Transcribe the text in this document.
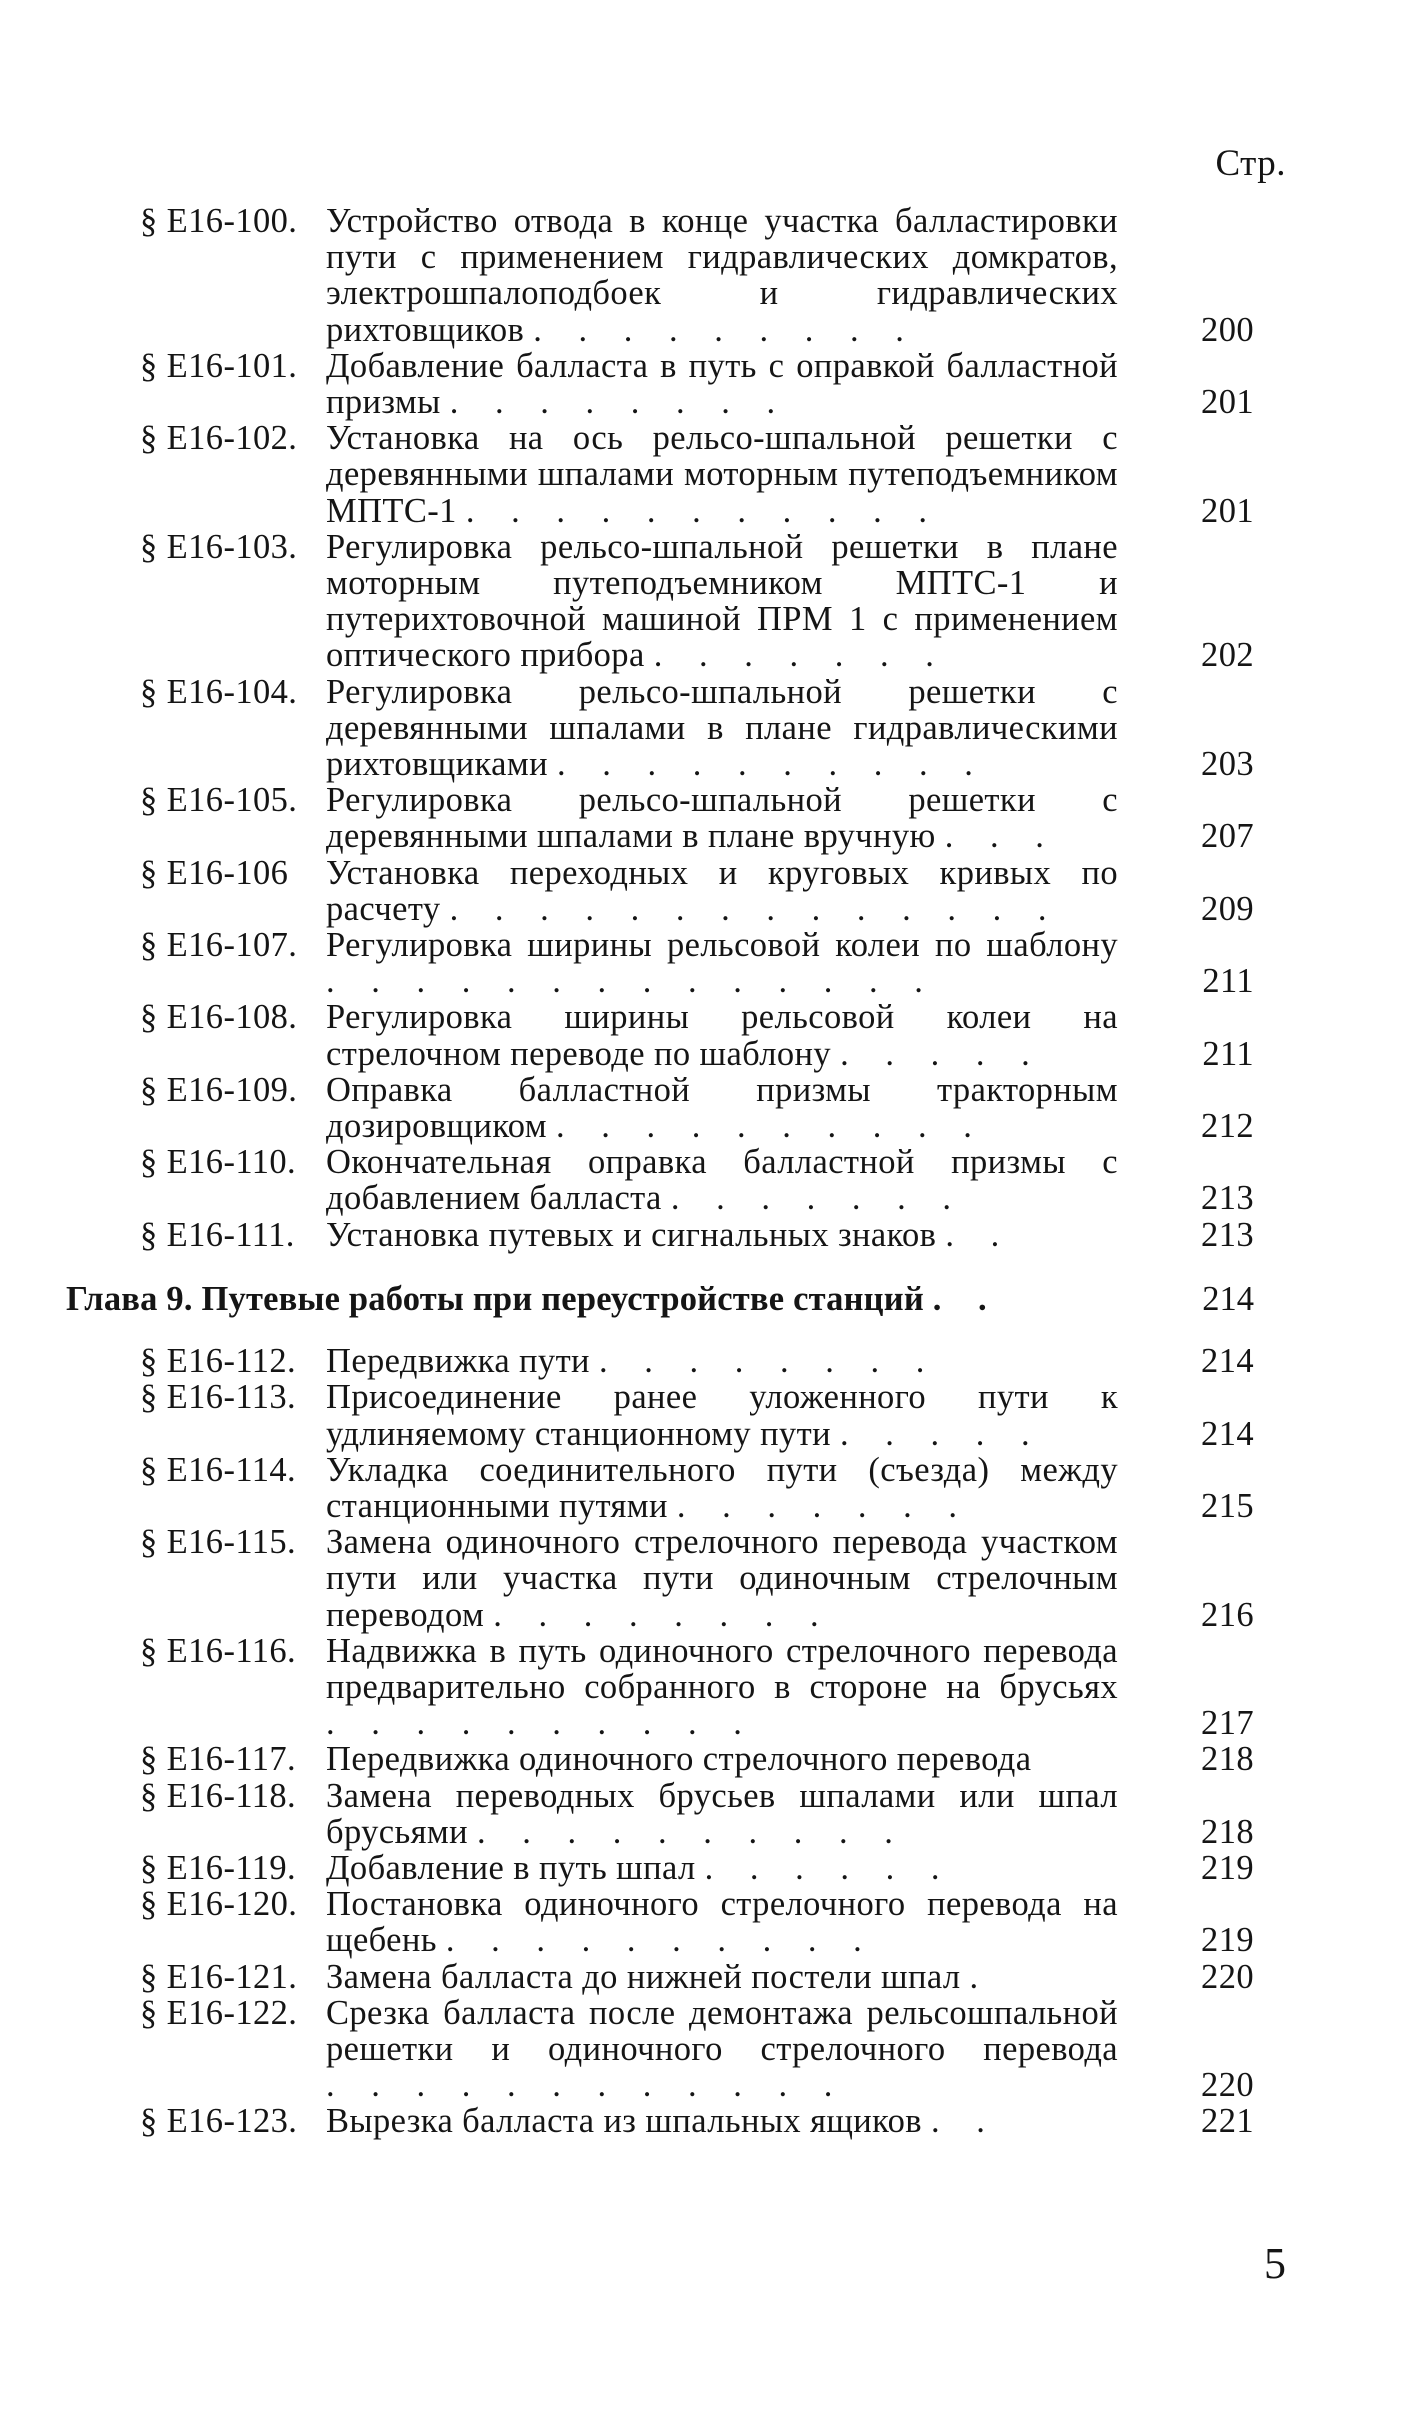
Стр.
§ Е16-100. Устройство отвода в конце участка балластировки пути с применением гидравлических домкратов, электрошпалоподбоек и гидравлических рихтовщиков . . . . . . . . .	200
§ Е16-101. Добавление балласта в путь с оправкой балластной призмы . . . . . . . .	201
§ Е16-102. Установка на ось рельсо-шпальной решетки с деревянными шпалами моторным путеподъемником МПТС-1 . . . . . . . . . . .	201
§ Е16-103. Регулировка рельсо-шпальной решетки в плане моторным путеподъемником МПТС-1 и путерихтовочной машиной ПРМ 1 с применением оптического прибора . . . . . . .	202
§ Е16-104. Регулировка рельсо-шпальной решетки с деревянными шпалами в плане гидравлическими рихтовщиками . . . . . . . . . .	203
§ Е16-105. Регулировка рельсо-шпальной решетки с деревянными шпалами в плане вручную . . .	207
§ Е16-106	Установка переходных и круговых кривых по расчету . . . . . . . . . . . . . .	209
§ Е16-107. Регулировка ширины рельсовой колеи по шаблону . . . . . . . . . . . . . .	211
§ Е16-108. Регулировка ширины рельсовой колеи на стрелочном переводе по шаблону . . . . .	211
§ Е16-109. Оправка балластной призмы тракторным дозировщиком . . . . . . . . . .	212
§ Е16-110. Окончательная оправка балластной призмы с добавлением балласта . . . . . . .	213
§ Е16-111. Установка путевых и сигнальных знаков . .	213
Глава 9. Путевые работы при переустройстве станций . .	214
§ Е16-112. Передвижка пути . . . . . . . .	214
§ Е16-113. Присоединение ранее уложенного пути к удлиняемому станционному пути . . . . .	214
§ Е16-114. Укладка соединительного пути (съезда) между станционными путями . . . . . . .	215
§ Е16-115. Замена одиночного стрелочного перевода участком пути или участка пути одиночным стрелочным переводом . . . . . . . .	216
§ Е16-116. Надвижка в путь одиночного стрелочного перевода предварительно собранного в стороне на брусьях . . . . . . . . . .	217
§ Е16-117. Передвижка одиночного стрелочного перевода	218
§ Е16-118. Замена переводных брусьев шпалами или шпал брусьями . . . . . . . . . .	218
§ Е16-119. Добавление в путь шпал . . . . . .	219
§ Е16-120. Постановка одиночного стрелочного перевода на щебень . . . . . . . . . .	219
§ Е16-121. Замена балласта до нижней постели шпал .	220
§ Е16-122. Срезка балласта после демонтажа рельсошпальной решетки и одиночного стрелочного перевода . . . . . . . . . . . .	220
§ Е16-123. Вырезка балласта из шпальных ящиков . .	221
5
